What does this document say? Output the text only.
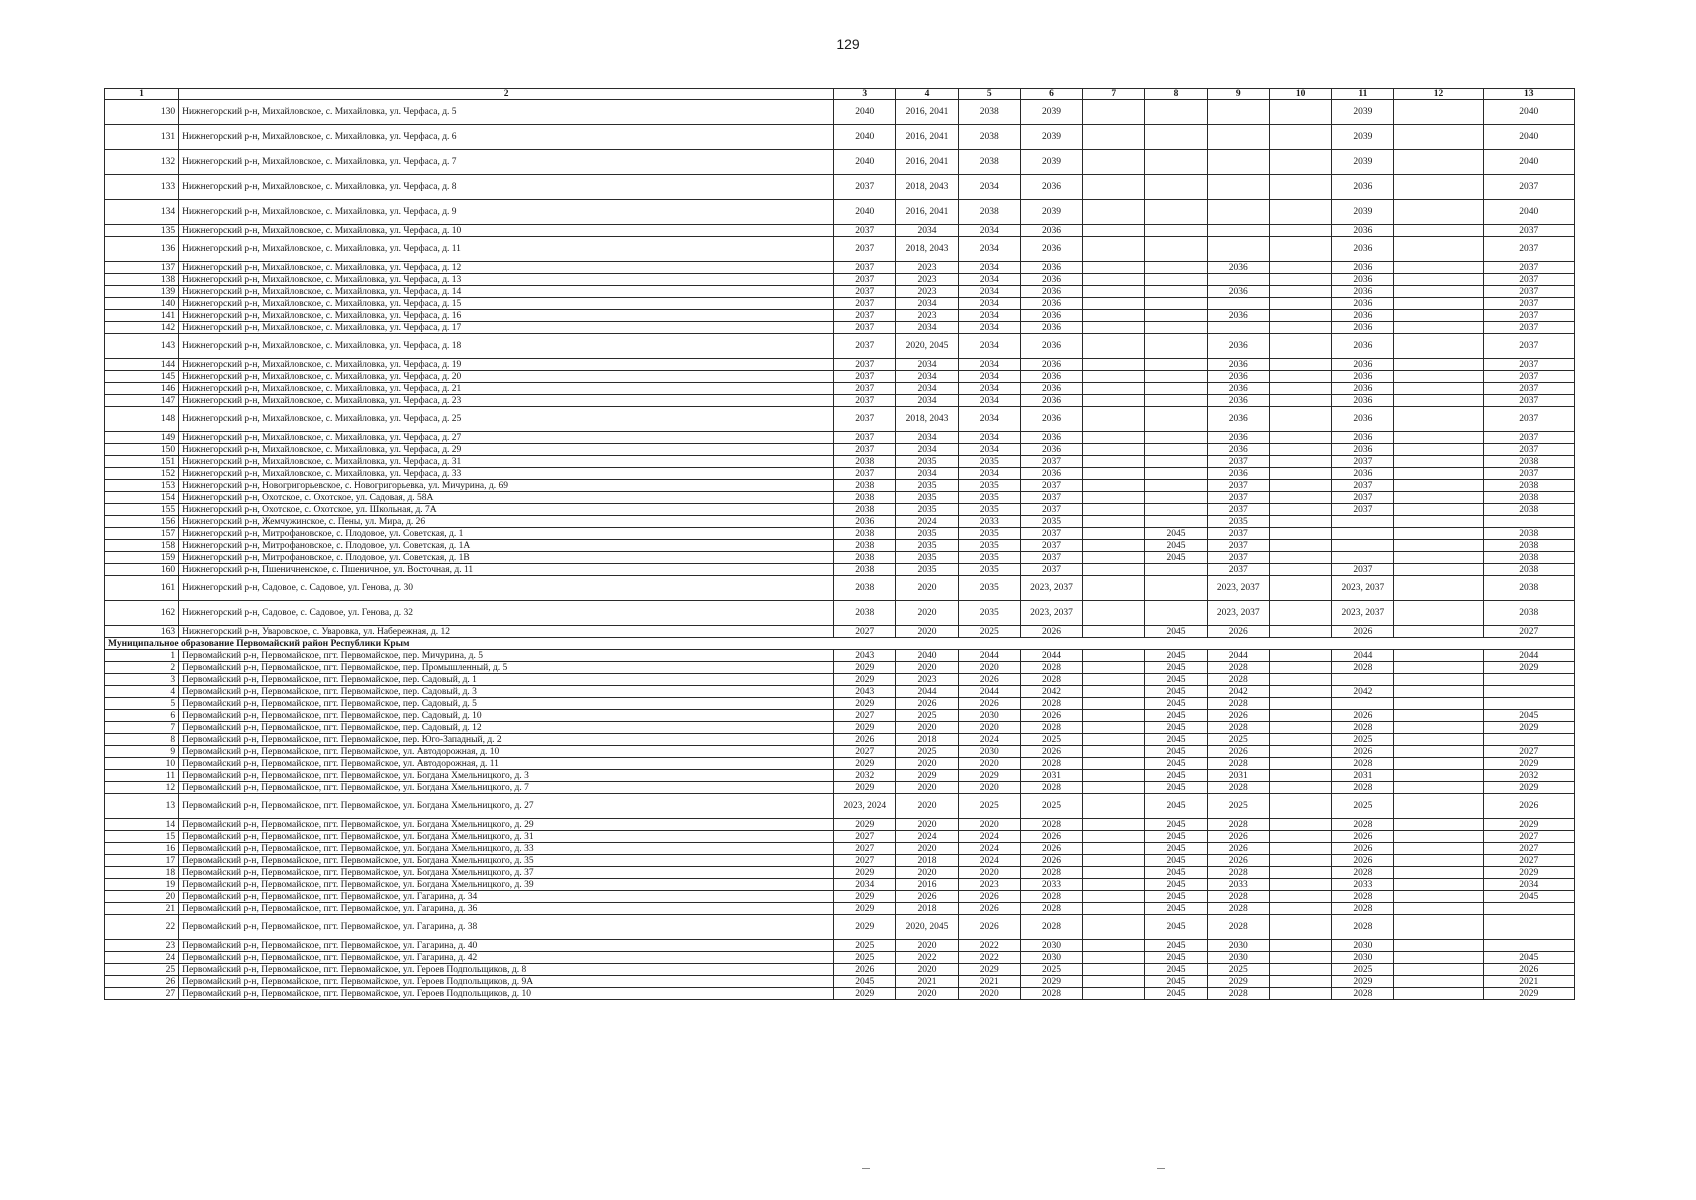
129
1	2	3	4	5	6	7	8	9	10	11	12	13
130	Нижнегорский р-н, Михайловское, с. Михайловка, ул. Черфаса, д. 5	2040	2016, 2041	2038	2039					2039		2040
131	Нижнегорский р-н, Михайловское, с. Михайловка, ул. Черфаса, д. 6	2040	2016, 2041	2038	2039					2039		2040
132	Нижнегорский р-н, Михайловское, с. Михайловка, ул. Черфаса, д. 7	2040	2016, 2041	2038	2039					2039		2040
133	Нижнегорский р-н, Михайловское, с. Михайловка, ул. Черфаса, д. 8	2037	2018, 2043	2034	2036					2036		2037
134	Нижнегорский р-н, Михайловское, с. Михайловка, ул. Черфаса, д. 9	2040	2016, 2041	2038	2039					2039		2040
135	Нижнегорский р-н, Михайловское, с. Михайловка, ул. Черфаса, д. 10	2037	2034	2034	2036					2036		2037
136	Нижнегорский р-н, Михайловское, с. Михайловка, ул. Черфаса, д. 11	2037	2018, 2043	2034	2036					2036		2037
137	Нижнегорский р-н, Михайловское, с. Михайловка, ул. Черфаса, д. 12	2037	2023	2034	2036			2036		2036		2037
138	Нижнегорский р-н, Михайловское, с. Михайловка, ул. Черфаса, д. 13	2037	2023	2034	2036					2036		2037
139	Нижнегорский р-н, Михайловское, с. Михайловка, ул. Черфаса, д. 14	2037	2023	2034	2036			2036		2036		2037
140	Нижнегорский р-н, Михайловское, с. Михайловка, ул. Черфаса, д. 15	2037	2034	2034	2036					2036		2037
141	Нижнегорский р-н, Михайловское, с. Михайловка, ул. Черфаса, д. 16	2037	2023	2034	2036			2036		2036		2037
142	Нижнегорский р-н, Михайловское, с. Михайловка, ул. Черфаса, д. 17	2037	2034	2034	2036					2036		2037
143	Нижнегорский р-н, Михайловское, с. Михайловка, ул. Черфаса, д. 18	2037	2020, 2045	2034	2036			2036		2036		2037
144	Нижнегорский р-н, Михайловское, с. Михайловка, ул. Черфаса, д. 19	2037	2034	2034	2036			2036		2036		2037
145	Нижнегорский р-н, Михайловское, с. Михайловка, ул. Черфаса, д. 20	2037	2034	2034	2036			2036		2036		2037
146	Нижнегорский р-н, Михайловское, с. Михайловка, ул. Черфаса, д. 21	2037	2034	2034	2036			2036		2036		2037
147	Нижнегорский р-н, Михайловское, с. Михайловка, ул. Черфаса, д. 23	2037	2034	2034	2036			2036		2036		2037
148	Нижнегорский р-н, Михайловское, с. Михайловка, ул. Черфаса, д. 25	2037	2018, 2043	2034	2036			2036		2036		2037
149	Нижнегорский р-н, Михайловское, с. Михайловка, ул. Черфаса, д. 27	2037	2034	2034	2036			2036		2036		2037
150	Нижнегорский р-н, Михайловское, с. Михайловка, ул. Черфаса, д. 29	2037	2034	2034	2036			2036		2036		2037
151	Нижнегорский р-н, Михайловское, с. Михайловка, ул. Черфаса, д. 31	2038	2035	2035	2037			2037		2037		2038
152	Нижнегорский р-н, Михайловское, с. Михайловка, ул. Черфаса, д. 33	2037	2034	2034	2036			2036		2036		2037
153	Нижнегорский р-н, Новогригорьевское, с. Новогригорьевка, ул. Мичурина, д. 69	2038	2035	2035	2037			2037		2037		2038
154	Нижнегорский р-н, Охотское, с. Охотское, ул. Садовая, д. 58А	2038	2035	2035	2037			2037		2037		2038
155	Нижнегорский р-н, Охотское, с. Охотское, ул. Школьная, д. 7А	2038	2035	2035	2037			2037		2037		2038
156	Нижнегорский р-н, Жемчужинское, с. Пены, ул. Мира, д. 26	2036	2024	2033	2035			2035				
157	Нижнегорский р-н, Митрофановское, с. Плодовое, ул. Советская, д. 1	2038	2035	2035	2037		2045	2037				2038
158	Нижнегорский р-н, Митрофановское, с. Плодовое, ул. Советская, д. 1А	2038	2035	2035	2037		2045	2037				2038
159	Нижнегорский р-н, Митрофановское, с. Плодовое, ул. Советская, д. 1В	2038	2035	2035	2037		2045	2037				2038
160	Нижнегорский р-н, Пшеничненское, с. Пшеничное, ул. Восточная, д. 11	2038	2035	2035	2037			2037		2037		2038
161	Нижнегорский р-н, Садовое, с. Садовое, ул. Генова, д. 30	2038	2020	2035	2023, 2037			2023, 2037		2023, 2037		2038
162	Нижнегорский р-н, Садовое, с. Садовое, ул. Генова, д. 32	2038	2020	2035	2023, 2037			2023, 2037		2023, 2037		2038
163	Нижнегорский р-н, Уваровское, с. Уваровка, ул. Набережная, д. 12	2027	2020	2025	2026		2045	2026		2026		2027
Муниципальное образование Первомайский район Республики Крым												
1	Первомайский р-н, Первомайское, пгт. Первомайское, пер. Мичурина, д. 5	2043	2040	2044	2044		2045	2044		2044		2044
2	Первомайский р-н, Первомайское, пгт. Первомайское, пер. Промышленный, д. 5	2029	2020	2020	2028		2045	2028		2028		2029
3	Первомайский р-н, Первомайское, пгт. Первомайское, пер. Садовый, д. 1	2029	2023	2026	2028		2045	2028				
4	Первомайский р-н, Первомайское, пгт. Первомайское, пер. Садовый, д. 3	2043	2044	2044	2042		2045	2042		2042		
5	Первомайский р-н, Первомайское, пгт. Первомайское, пер. Садовый, д. 5	2029	2026	2026	2028		2045	2028				
6	Первомайский р-н, Первомайское, пгт. Первомайское, пер. Садовый, д. 10	2027	2025	2030	2026		2045	2026		2026		2045
7	Первомайский р-н, Первомайское, пгт. Первомайское, пер. Садовый, д. 12	2029	2020	2020	2028		2045	2028		2028		2029
8	Первомайский р-н, Первомайское, пгт. Первомайское, пер. Юго-Западный, д. 2	2026	2018	2024	2025		2045	2025		2025		
9	Первомайский р-н, Первомайское, пгт. Первомайское, ул. Автодорожная, д. 10	2027	2025	2030	2026		2045	2026		2026		2027
10	Первомайский р-н, Первомайское, пгт. Первомайское, ул. Автодорожная, д. 11	2029	2020	2020	2028		2045	2028		2028		2029
11	Первомайский р-н, Первомайское, пгт. Первомайское, ул. Богдана Хмельницкого, д. 3	2032	2029	2029	2031		2045	2031		2031		2032
12	Первомайский р-н, Первомайское, пгт. Первомайское, ул. Богдана Хмельницкого, д. 7	2029	2020	2020	2028		2045	2028		2028		2029
13	Первомайский р-н, Первомайское, пгт. Первомайское, ул. Богдана Хмельницкого, д. 27	2023, 2024	2020	2025	2025		2045	2025		2025		2026
14	Первомайский р-н, Первомайское, пгт. Первомайское, ул. Богдана Хмельницкого, д. 29	2029	2020	2020	2028		2045	2028		2028		2029
15	Первомайский р-н, Первомайское, пгт. Первомайское, ул. Богдана Хмельницкого, д. 31	2027	2024	2024	2026		2045	2026		2026		2027
16	Первомайский р-н, Первомайское, пгт. Первомайское, ул. Богдана Хмельницкого, д. 33	2027	2020	2024	2026		2045	2026		2026		2027
17	Первомайский р-н, Первомайское, пгт. Первомайское, ул. Богдана Хмельницкого, д. 35	2027	2018	2024	2026		2045	2026		2026		2027
18	Первомайский р-н, Первомайское, пгт. Первомайское, ул. Богдана Хмельницкого, д. 37	2029	2020	2020	2028		2045	2028		2028		2029
19	Первомайский р-н, Первомайское, пгт. Первомайское, ул. Богдана Хмельницкого, д. 39	2034	2016	2023	2033		2045	2033		2033		2034
20	Первомайский р-н, Первомайское, пгт. Первомайское, ул. Гагарина, д. 34	2029	2026	2026	2028		2045	2028		2028		2045
21	Первомайский р-н, Первомайское, пгт. Первомайское, ул. Гагарина, д. 36	2029	2018	2026	2028		2045	2028		2028		
22	Первомайский р-н, Первомайское, пгт. Первомайское, ул. Гагарина, д. 38	2029	2020, 2045	2026	2028		2045	2028		2028		
23	Первомайский р-н, Первомайское, пгт. Первомайское, ул. Гагарина, д. 40	2025	2020	2022	2030		2045	2030		2030		
24	Первомайский р-н, Первомайское, пгт. Первомайское, ул. Гагарина, д. 42	2025	2022	2022	2030		2045	2030		2030		2045
25	Первомайский р-н, Первомайское, пгт. Первомайское, ул. Героев Подпольщиков, д. 8	2026	2020	2029	2025		2045	2025		2025		2026
26	Первомайский р-н, Первомайское, пгт. Первомайское, ул. Героев Подпольщиков, д. 9А	2045	2021	2021	2029		2045	2029		2029		2021
27	Первомайский р-н, Первомайское, пгт. Первомайское, ул. Героев Подпольщиков, д. 10	2029	2020	2020	2028		2045	2028		2028		2029
